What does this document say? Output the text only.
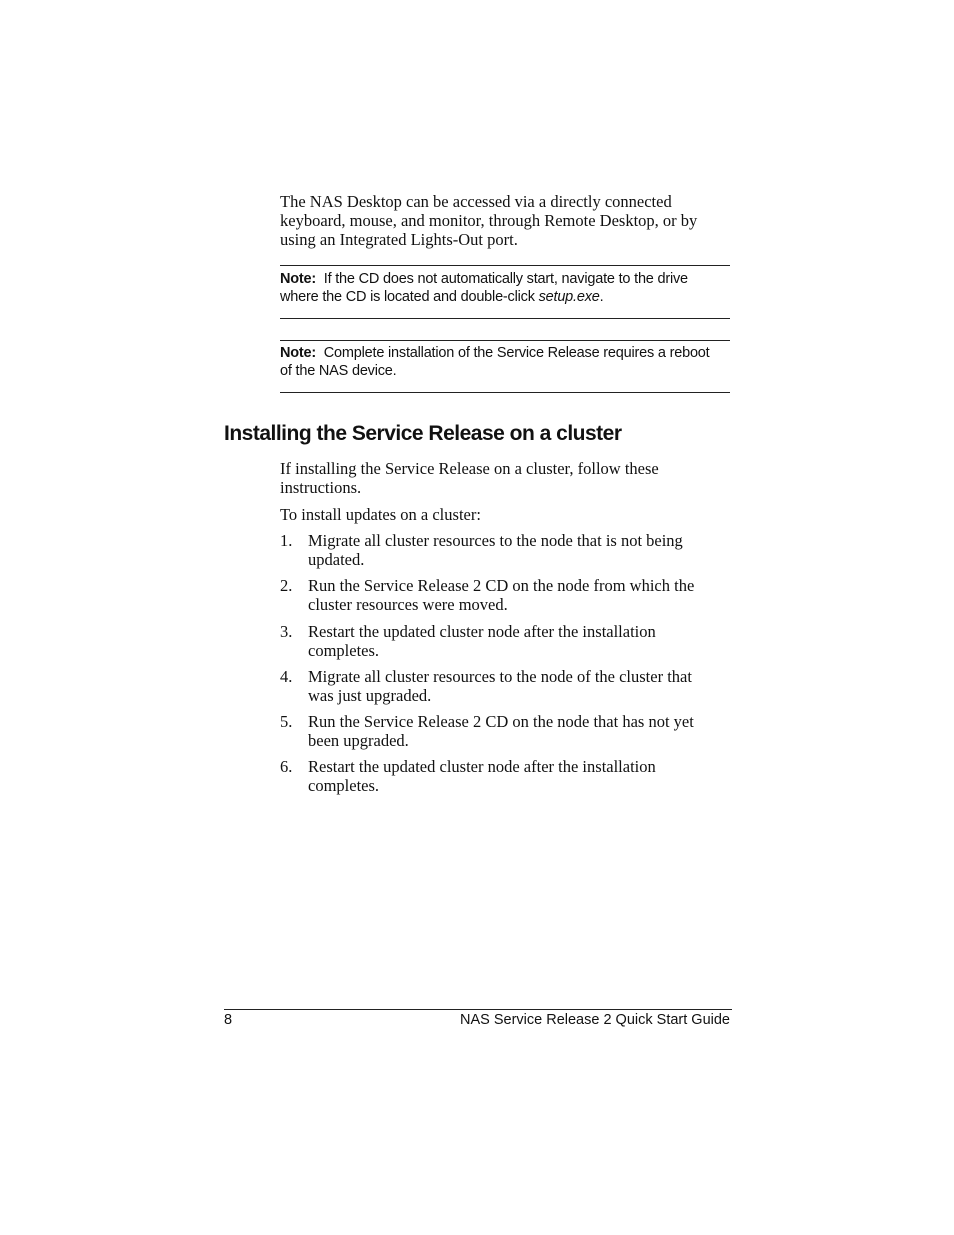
The NAS Desktop can be accessed via a directly connected
keyboard, mouse, and monitor, through Remote Desktop, or by
using an Integrated Lights-Out port.
Note: If the CD does not automatically start, navigate to the drive
where the CD is located and double-click setup.exe.
Note: Complete installation of the Service Release requires a reboot
of the NAS device.
Installing the Service Release on a cluster
If installing the Service Release on a cluster, follow these
instructions.
To install updates on a cluster:
1. Migrate all cluster resources to the node that is not being
updated.
2. Run the Service Release 2 CD on the node from which the
cluster resources were moved.
3. Restart the updated cluster node after the installation
completes.
4. Migrate all cluster resources to the node of the cluster that
was just upgraded.
5. Run the Service Release 2 CD on the node that has not yet
been upgraded.
6. Restart the updated cluster node after the installation
completes.
8	NAS Service Release 2 Quick Start Guide
